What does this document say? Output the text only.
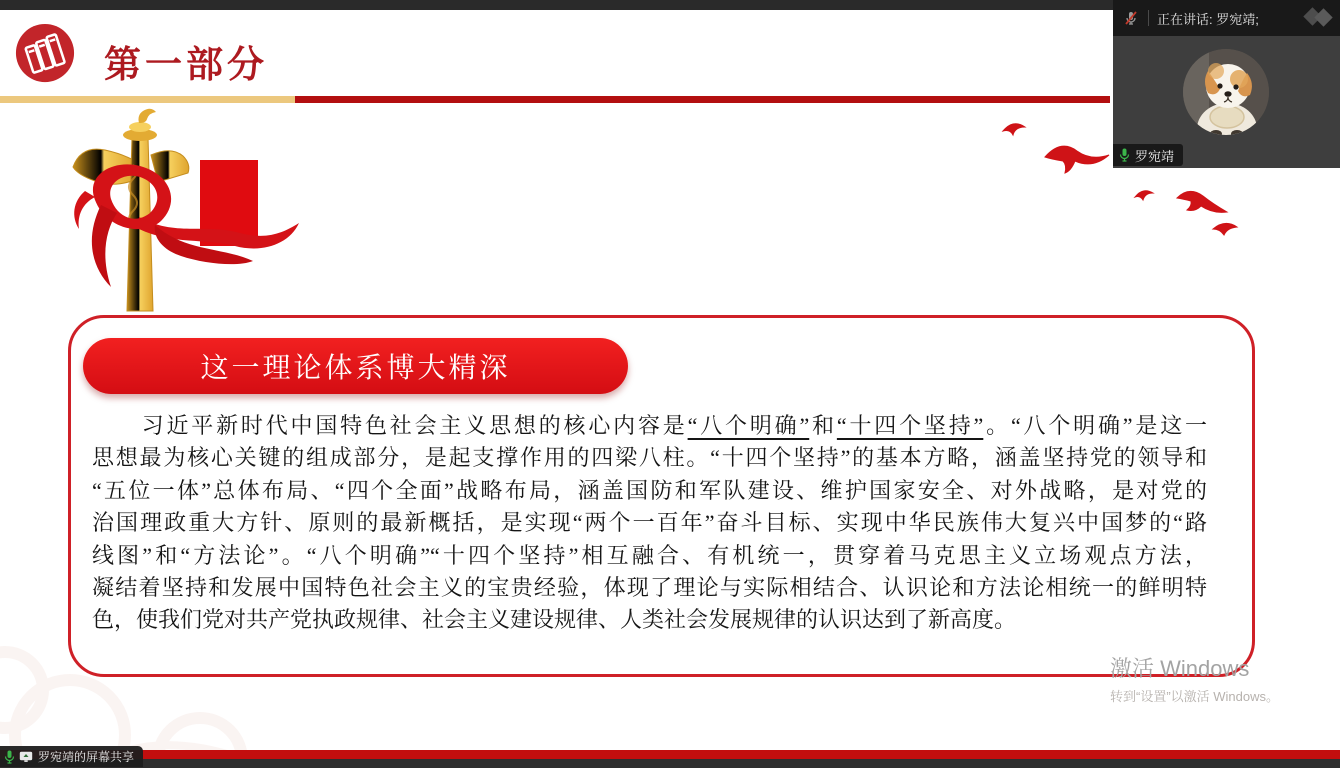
第一部分
这一理论体系博大精深
　　习近平新时代中国特色社会主义思想的核心内容是“八个明确”和“十四个坚持”。“八个明确”是这一
思想最为核心关键的组成部分，是起支撑作用的四梁八柱。“十四个坚持”的基本方略，涵盖坚持党的领导和
“五位一体”总体布局、“四个全面”战略布局，涵盖国防和军队建设、维护国家安全、对外战略，是对党的
治国理政重大方针、原则的最新概括，是实现“两个一百年”奋斗目标、实现中华民族伟大复兴中国梦的“路
线图”和“方法论”。“八个明确”“十四个坚持”相互融合、有机统一，贯穿着马克思主义立场观点方法，
凝结着坚持和发展中国特色社会主义的宝贵经验，体现了理论与实际相结合、认识论和方法论相统一的鲜明特
色，使我们党对共产党执政规律、社会主义建设规律、人类社会发展规律的认识达到了新高度。
激活 Windows
转到“设置”以激活 Windows。
正在讲话: 罗宛靖;
罗宛靖
罗宛靖的屏幕共享
